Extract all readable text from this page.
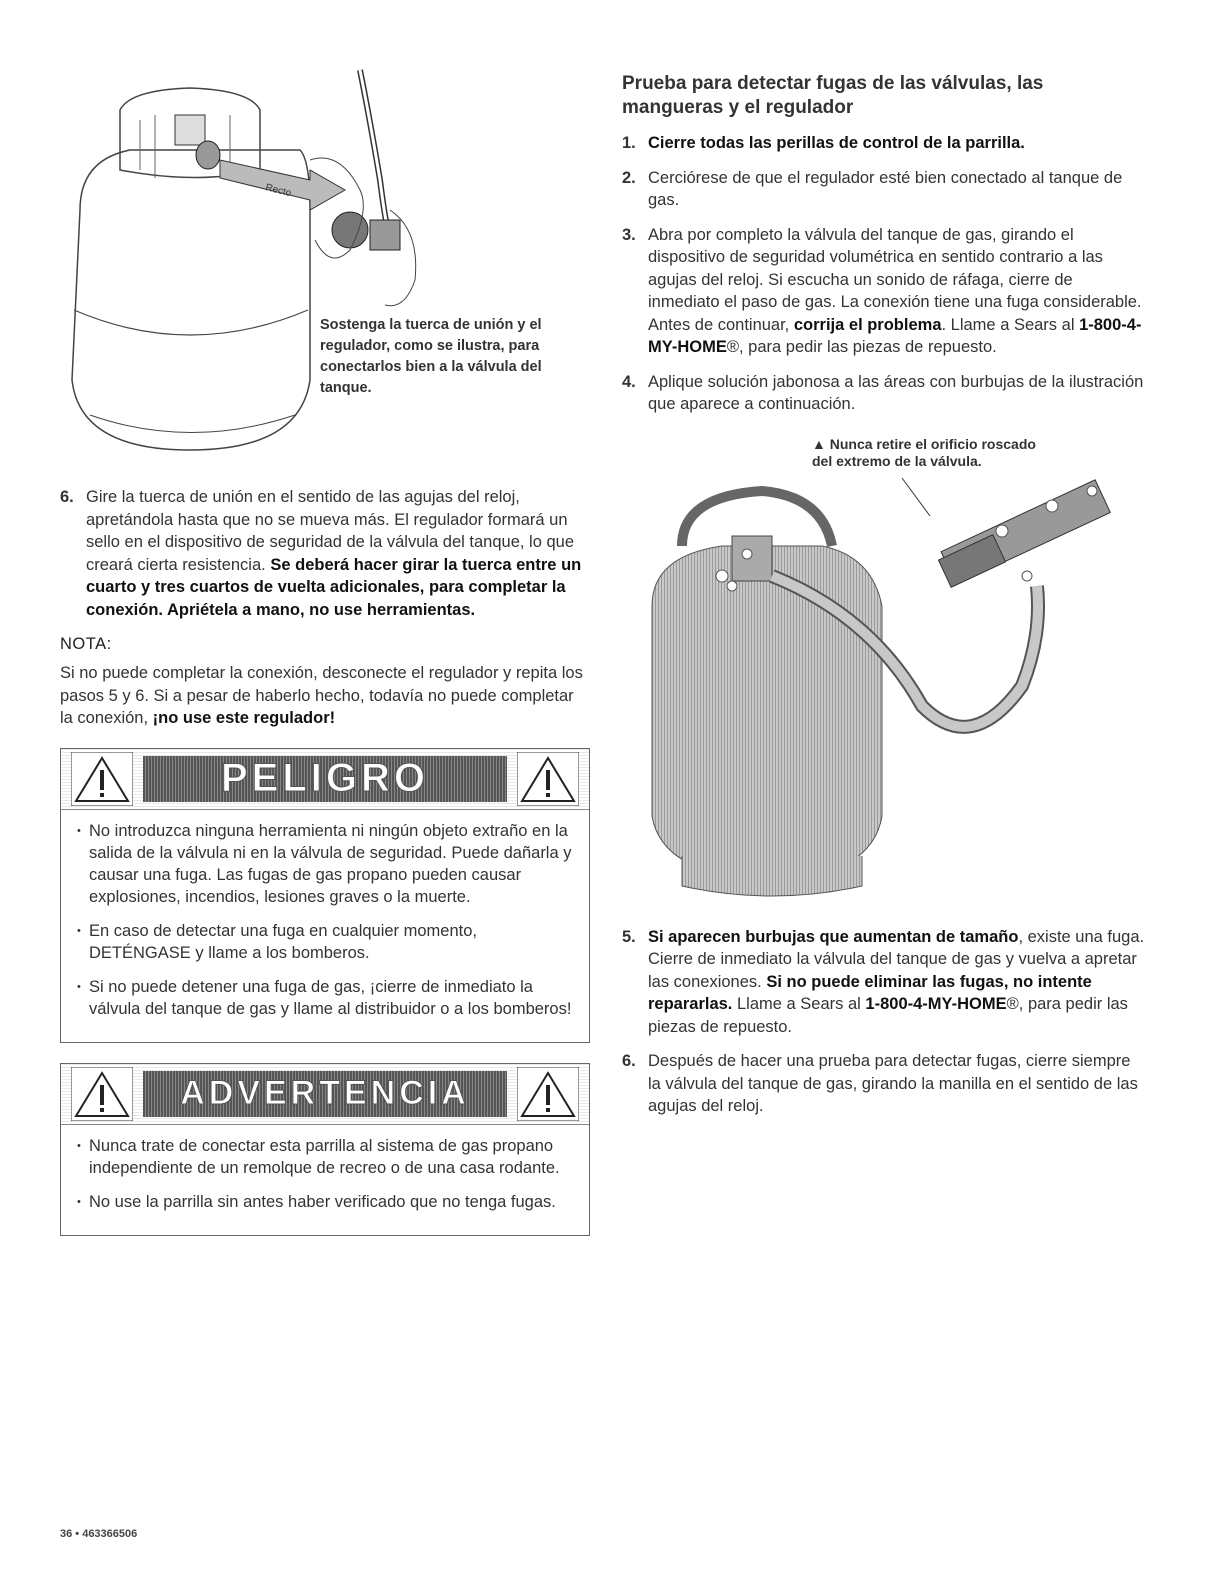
Recto
Sostenga la tuerca de unión y el regulador, como se ilustra, para conectarlos bien a la válvula del tanque.
6. Gire la tuerca de unión en el sentido de las agujas del reloj, apretándola hasta que no se mueva más. El regulador formará un sello en el dispositivo de seguridad de la válvula del tanque, lo que creará cierta resistencia. Se deberá hacer girar la tuerca entre un cuarto y tres cuartos de vuelta adicionales, para completar la conexión. Apriétela a mano, no use herramientas.
NOTA:

Si no puede completar la conexión, desconecte el regulador y repita los pasos 5 y 6. Si a pesar de haberlo hecho, todavía no puede completar la conexión, ¡no use este regulador!

PELIGRO
• No introduzca ninguna herramienta ni ningún objeto extraño en la salida de la válvula ni en la válvula de seguridad. Puede dañarla y causar una fuga. Las fugas de gas propano pueden causar explosiones, incendios, lesiones graves o la muerte.
• En caso de detectar una fuga en cualquier momento, DETÉNGASE y llame a los bomberos.
• Si no puede detener una fuga de gas, ¡cierre de inmediato la válvula del tanque de gas y llame al distribuidor o a los bomberos!
ADVERTENCIA
• Nunca trate de conectar esta parrilla al sistema de gas propano independiente de un remolque de recreo o de una casa rodante.
• No use la parrilla sin antes haber verificado que no tenga fugas.
Prueba para detectar fugas de las válvulas, las mangueras y el regulador
1. Cierre todas las perillas de control de la parrilla.
2. Cerciórese de que el regulador esté bien conectado al tanque de gas.
3. Abra por completo la válvula del tanque de gas, girando el dispositivo de seguridad volumétrica en sentido contrario a las agujas del reloj. Si escucha un sonido de ráfaga, cierre de inmediato el paso de gas. La conexión tiene una fuga considerable. Antes de continuar, corrija el problema. Llame a Sears al 1-800-4-MY-HOME®, para pedir las piezas de repuesto.
4. Aplique solución jabonosa a las áreas con burbujas de la ilustración que aparece a continuación.
▲ Nunca retire el orificio roscado del extremo de la válvula.
5. Si aparecen burbujas que aumentan de tamaño, existe una fuga. Cierre de inmediato la válvula del tanque de gas y vuelva a apretar las conexiones. Si no puede eliminar las fugas, no intente repararlas. Llame a Sears al 1-800-4-MY-HOME®, para pedir las piezas de repuesto.
6. Después de hacer una prueba para detectar fugas, cierre siempre la válvula del tanque de gas, girando la manilla en el sentido de las agujas del reloj.
36 • 463366506
